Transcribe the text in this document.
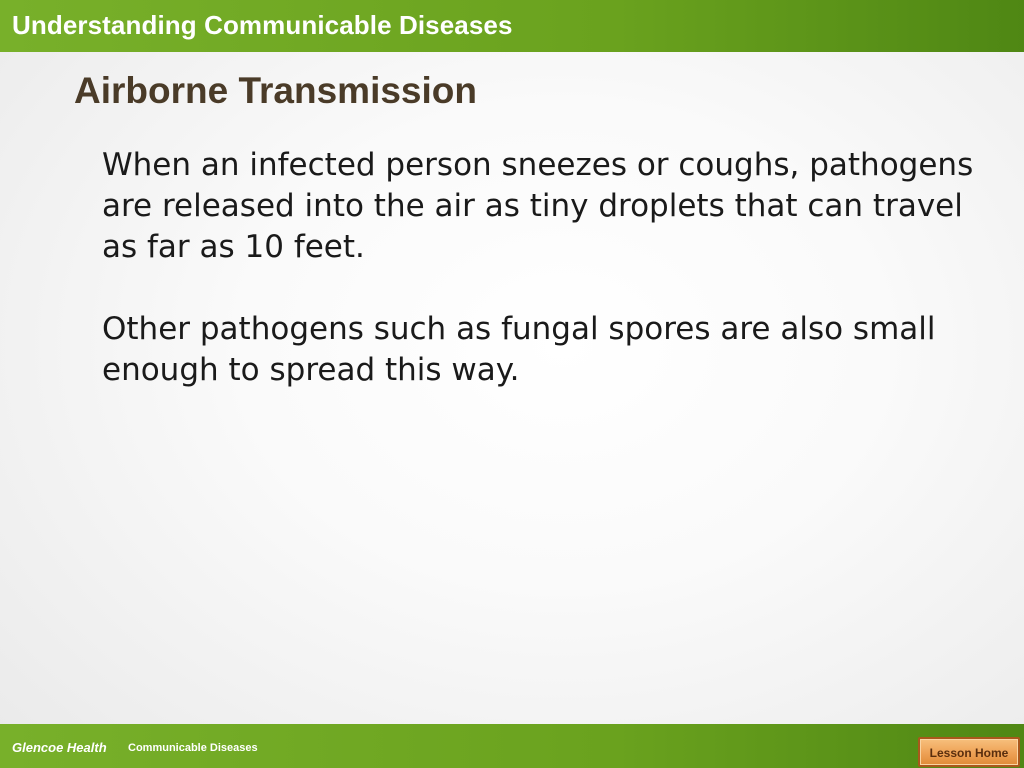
Understanding Communicable Diseases
Airborne Transmission

When an infected person sneezes or coughs, pathogens are released into the air as tiny droplets that can travel as far as 10 feet.

Other pathogens such as fungal spores are also small enough to spread this way.

Glencoe Health Communicable Diseases	Lesson Home
